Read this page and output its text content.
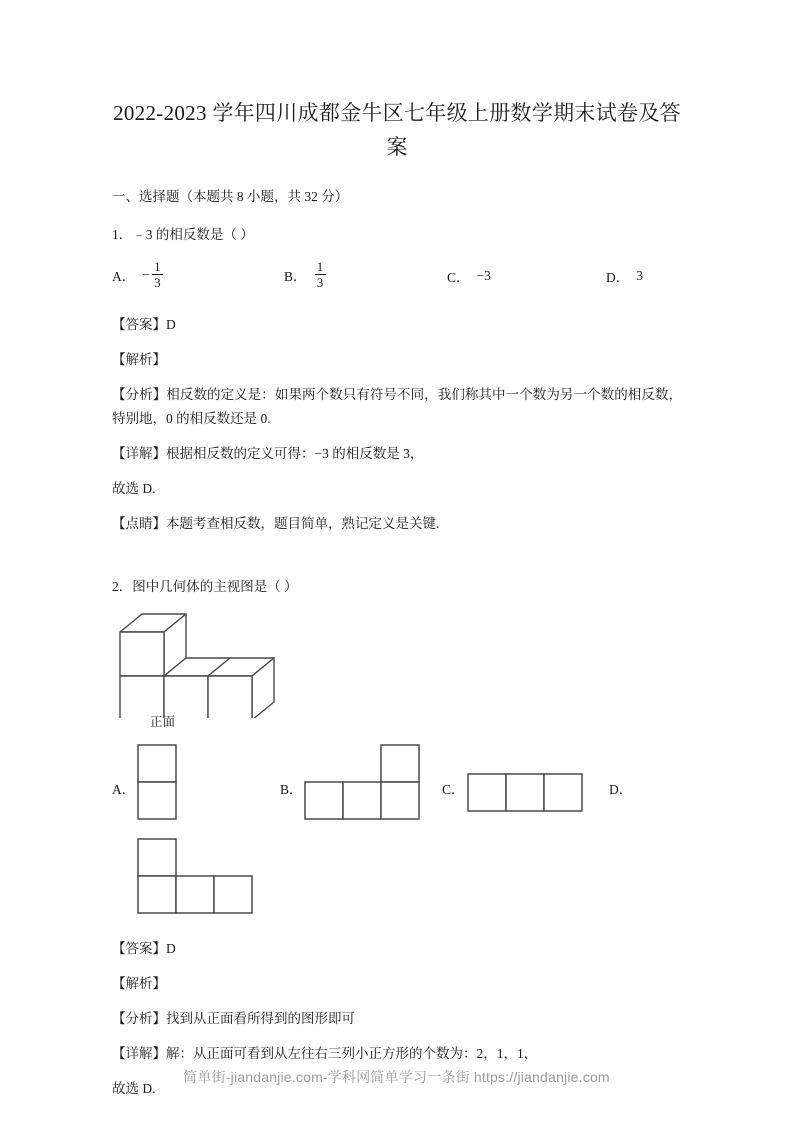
2022-2023 学年四川成都金牛区七年级上册数学期末试卷及答案
一、选择题（本题共 8 小题，共 32 分）
1．﹣3 的相反数是（ ）
A． − $\frac{1}{3}$	B． $\frac{1}{3}$	C． −3	D． 3
【答案】D
【解析】
【分析】相反数的定义是：如果两个数只有符号不同，我们称其中一个数为另一个数的相反数，特别地，0 的相反数还是 0.
【详解】根据相反数的定义可得：−3 的相反数是 3，
故选 D.
【点睛】本题考查相反数，题目简单，熟记定义是关键.
2．图中几何体的主视图是（ ）
正面
A．	B．	C．	D．
【答案】D
【解析】
【分析】找到从正面看所得到的图形即可
【详解】解：从正面可看到从左往右三列小正方形的个数为：2，1，1，
故选 D.
简单街-jiandanjie.com-学科网简单学习一条街 https://jiandanjie.com
